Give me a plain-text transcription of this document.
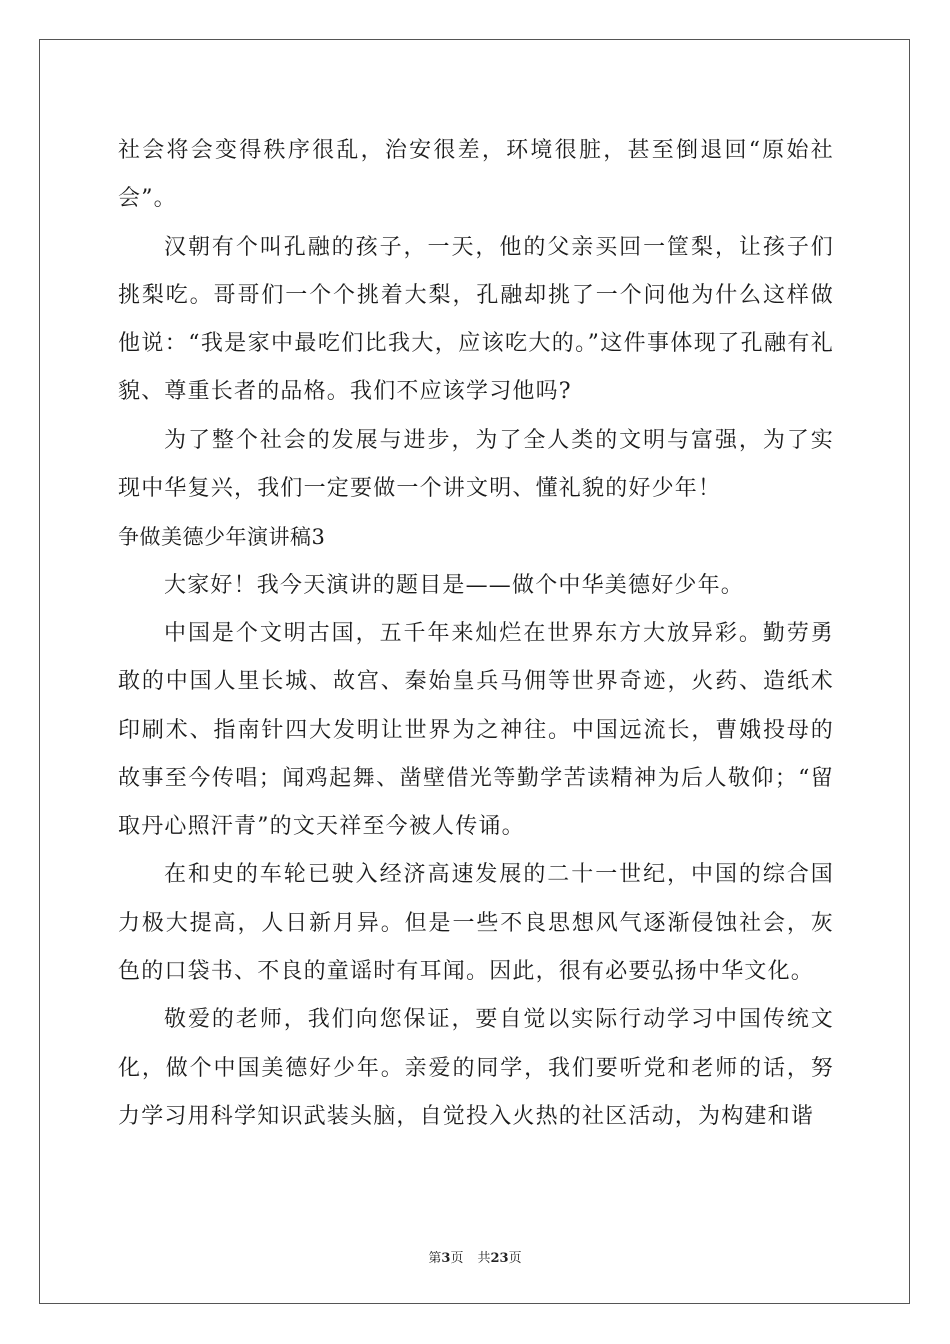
社会将会变得秩序很乱，治安很差，环境很脏，甚至倒退回“原始社会”。

汉朝有个叫孔融的孩子，一天，他的父亲买回一筐梨，让孩子们挑梨吃。哥哥们一个个挑着大梨，孔融却挑了一个问他为什么这样做他说：“我是家中最吃们比我大，应该吃大的。”这件事体现了孔融有礼貌、尊重长者的品格。我们不应该学习他吗?

为了整个社会的发展与进步，为了全人类的文明与富强，为了实现中华复兴，我们一定要做一个讲文明、懂礼貌的好少年！

争做美德少年演讲稿3

大家好！我今天演讲的题目是——做个中华美德好少年。

中国是个文明古国，五千年来灿烂在世界东方大放异彩。勤劳勇敢的中国人里长城、故宫、秦始皇兵马佣等世界奇迹，火药、造纸术印刷术、指南针四大发明让世界为之神往。中国远流长，曹娥投母的故事至今传唱；闻鸡起舞、凿壁借光等勤学苦读精神为后人敬仰；“留取丹心照汗青”的文天祥至今被人传诵。

在和史的车轮已驶入经济高速发展的二十一世纪，中国的综合国力极大提高，人日新月异。但是一些不良思想风气逐渐侵蚀社会，灰色的口袋书、不良的童谣时有耳闻。因此，很有必要弘扬中华文化。

敬爱的老师，我们向您保证，要自觉以实际行动学习中国传统文化，做个中国美德好少年。亲爱的同学，我们要听党和老师的话，努力学习用科学知识武装头脑，自觉投入火热的社区活动，为构建和谐

第3页 共23页
